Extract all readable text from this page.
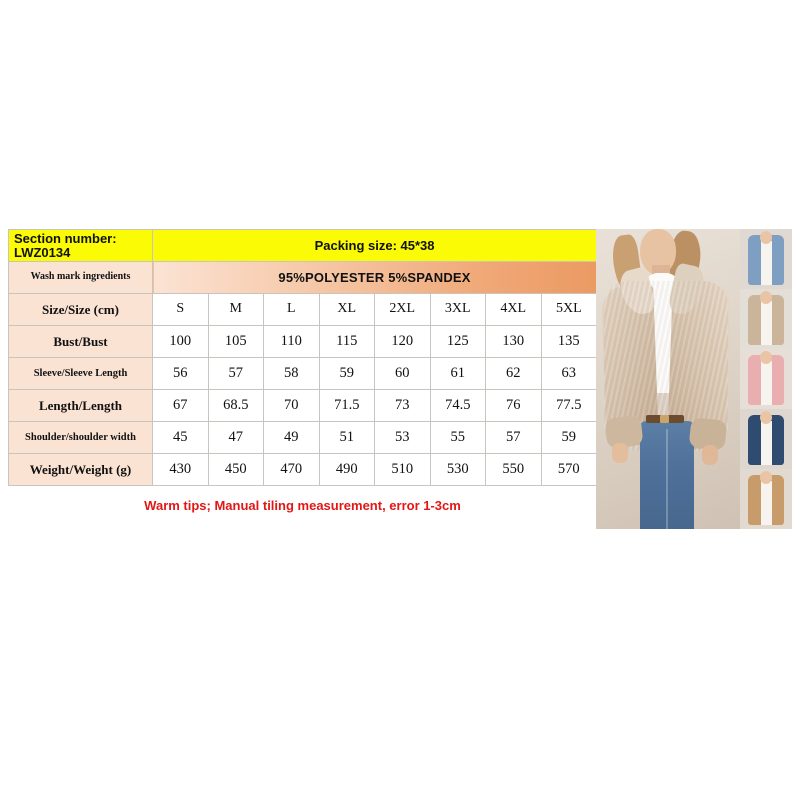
Section number: LWZ0134	Packing size: 45*38							
Wash mark ingredients	95%POLYESTER 5%SPANDEX							
Size/Size (cm)	S	M	L	XL	2XL	3XL	4XL	5XL
Bust/Bust	100	105	110	115	120	125	130	135
Sleeve/Sleeve Length	56	57	58	59	60	61	62	63
Length/Length	67	68.5	70	71.5	73	74.5	76	77.5
Shoulder/shoulder width	45	47	49	51	53	55	57	59
Weight/Weight (g)	430	450	470	490	510	530	550	570
Warm tips; Manual tiling measurement, error 1-3cm
